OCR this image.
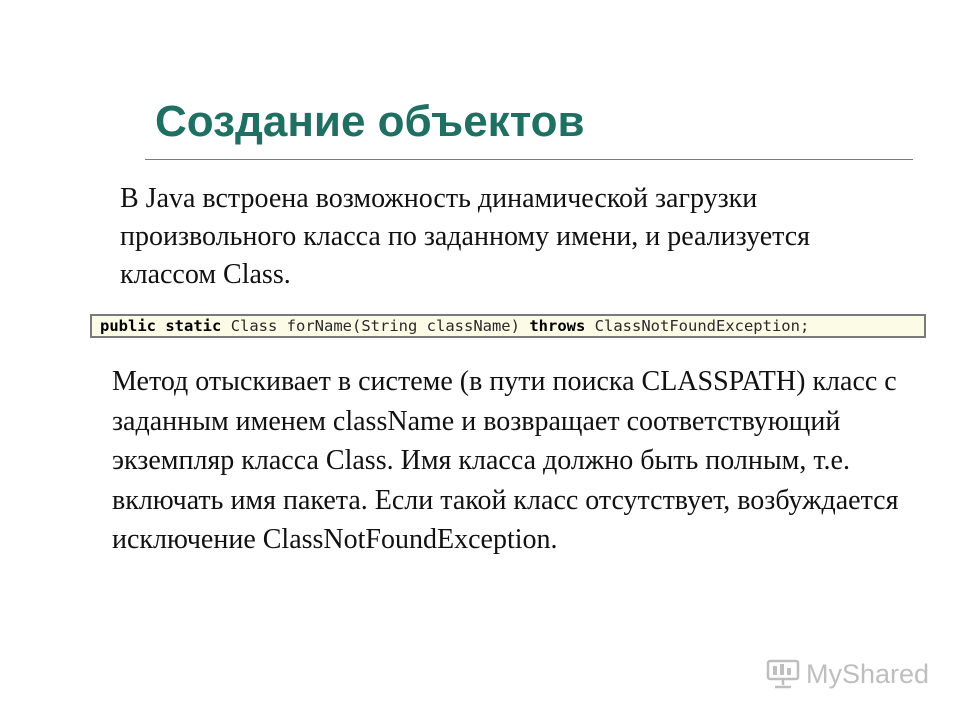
Создание объектов

В Java встроена возможность динамической загрузки произвольного класса по заданному имени, и реализуется классом Class.

public static Class forName(String className) throws ClassNotFoundException;

Метод отыскивает в системе (в пути поиска CLASSPATH) класс с заданным именем className и возвращает соответствующий экземпляр класса Class. Имя класса должно быть полным, т.е. включать имя пакета. Если такой класс отсутствует, возбуждается исключение ClassNotFoundException.

MyShared
